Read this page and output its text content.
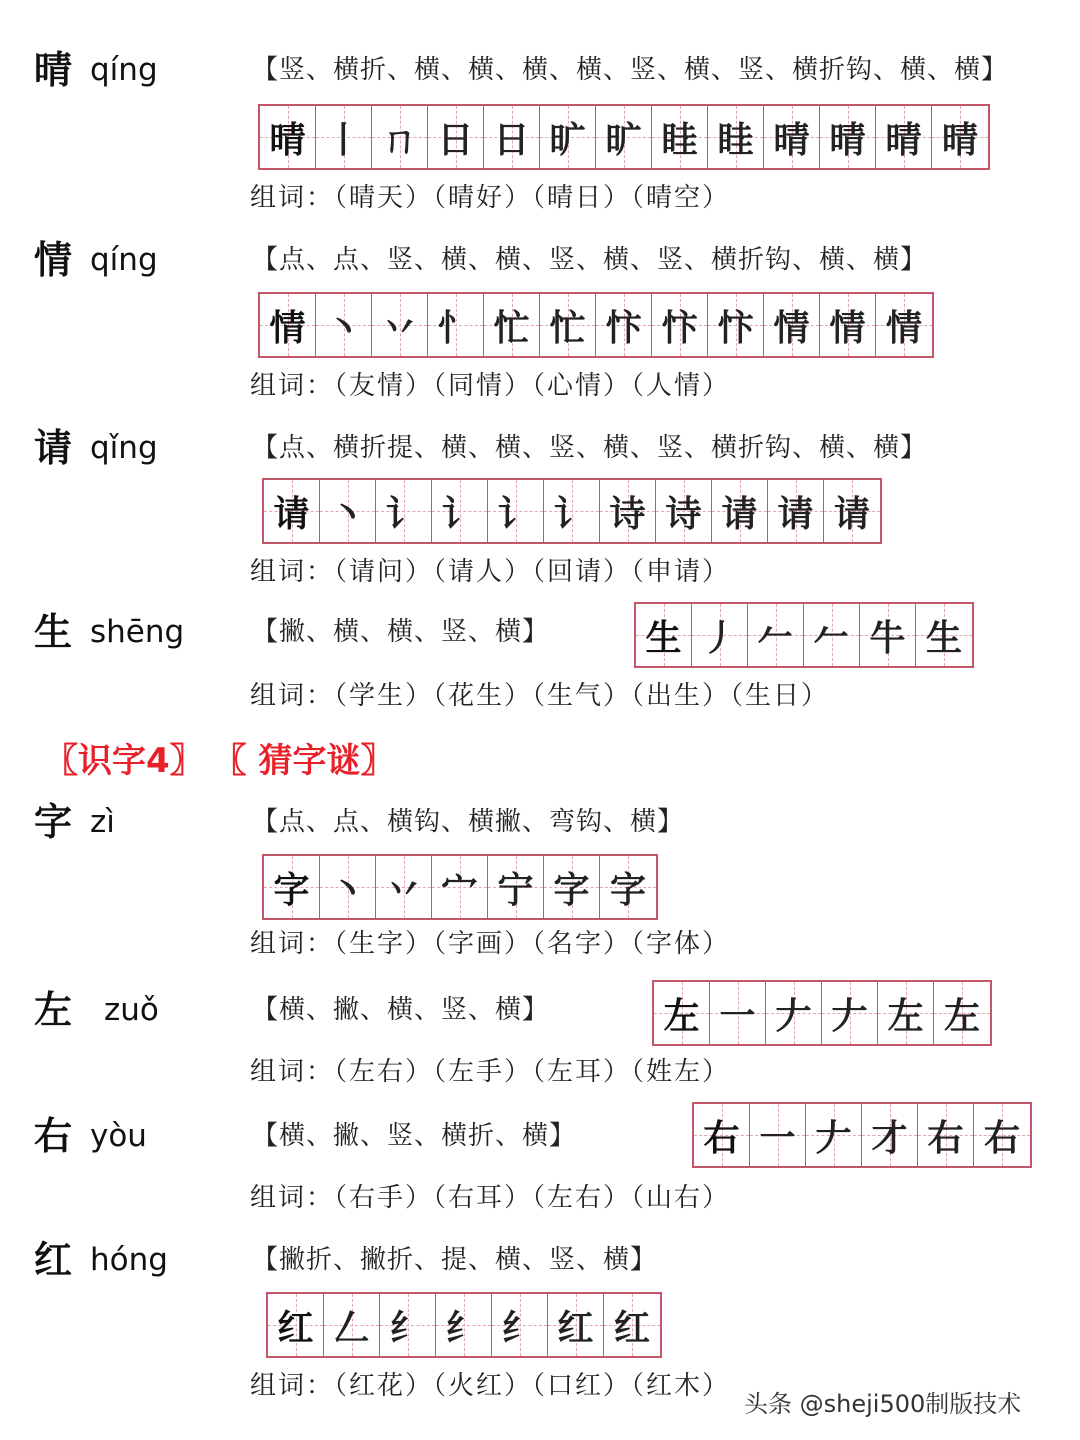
晴 qíng	【竖、横折、横、横、横、横、竖、横、竖、横折钩、横、横】
晴 丨 ㄇ 日 日 旷 旷 眭 眭 晴 晴 晴 晴
组词：（晴天）（晴好）（晴日）（晴空）
情 qíng	【点、点、竖、横、横、竖、横、竖、横折钩、横、横】
情 丶 丷 忄 忙 忙 忭 忭 忭 情 情 情
组词：（友情）（同情）（心情）（人情）
请 qǐng	【点、横折提、横、横、竖、横、竖、横折钩、横、横】
请 丶 讠 讠 讠 讠 诗 诗 请 请 请
组词：（请问）（请人）（回请）（申请）
生 shēng	【撇、横、横、竖、横】	生 丿 𠂉 𠂉 牛 生
组词：（学生）（花生）（生气）（出生）（生日）
〖识字4〗 〖 猜字谜〗
字 zì	【点、点、横钩、横撇、弯钩、横】
字 丶 丷 宀 宁 字 字
组词：（生字）（字画）（名字）（字体）
左 zuǒ	【横、撇、横、竖、横】	左 一 𠂇 𠂇 左 左
组词：（左右）（左手）（左耳）（姓左）
右 yòu	【横、撇、竖、横折、横】	右 一 𠂇 才 右 右
组词：（右手）（右耳）（左右）（山右）
红 hóng	【撇折、撇折、提、横、竖、横】
红 𠃋 纟 纟 纟 红 红
组词：（红花）（火红）（口红）（红木）
头条 @sheji500制版技术
